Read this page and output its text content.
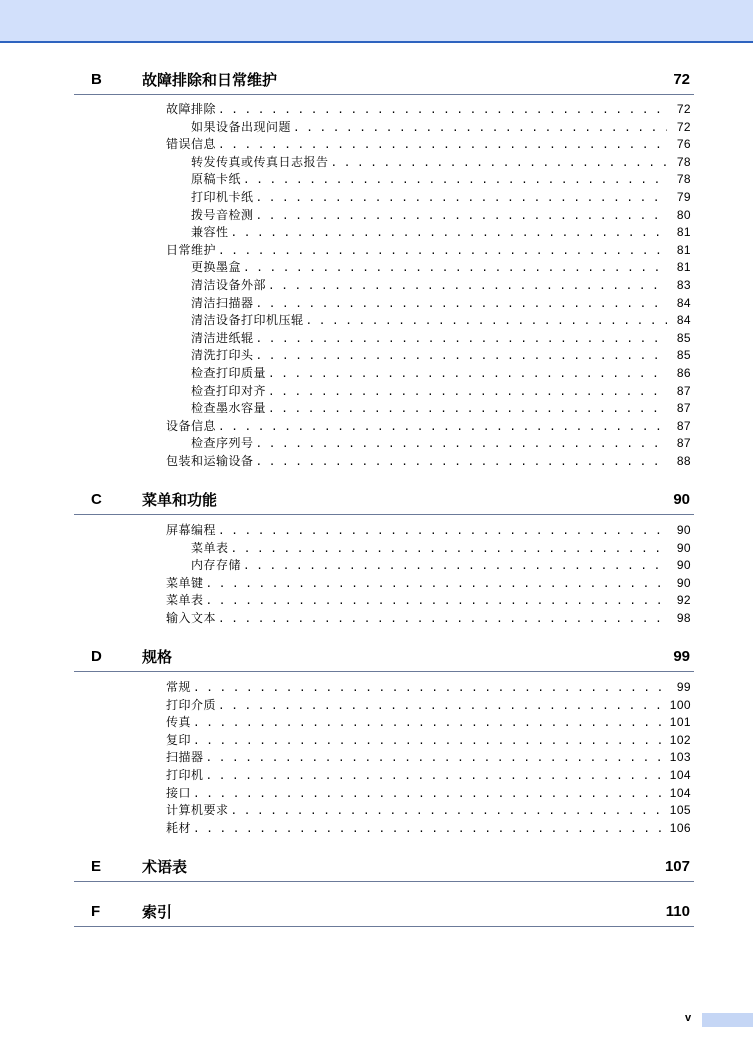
B	故障排除和日常维护	72
C	菜单和功能	90
D	规格	99
E	术语表	107
F	索引	110
v
故障排除 . . .	72
如果设备出现问题 . . .	72
错误信息 . . .	76
转发传真或传真日志报告 . . .	78
原稿卡纸 . . .	78
打印机卡纸 . . .	79
拨号音检测 . . .	80
兼容性 . . .	81
日常维护 . . .	81
更换墨盒 . . .	81
清洁设备外部 . . .	83
清洁扫描器 . . .	84
清洁设备打印机压辊 . . .	84
清洁进纸辊 . . .	85
清洗打印头 . . .	85
检查打印质量 . . .	86
检查打印对齐 . . .	87
检查墨水容量 . . .	87
设备信息 . . .	87
检查序列号 . . .	87
包装和运输设备 . . .	88
屏幕编程 . . .	90
菜单表 . . .	90
内存存储 . . .	90
菜单键 . . .	90
菜单表 . . .	92
输入文本 . . .	98
常规 . . .	99
打印介质 . . .	100
传真 . . .	101
复印 . . .	102
扫描器 . . .	103
打印机 . . .	104
接口 . . .	104
计算机要求 . . .	105
耗材 . . .	106
